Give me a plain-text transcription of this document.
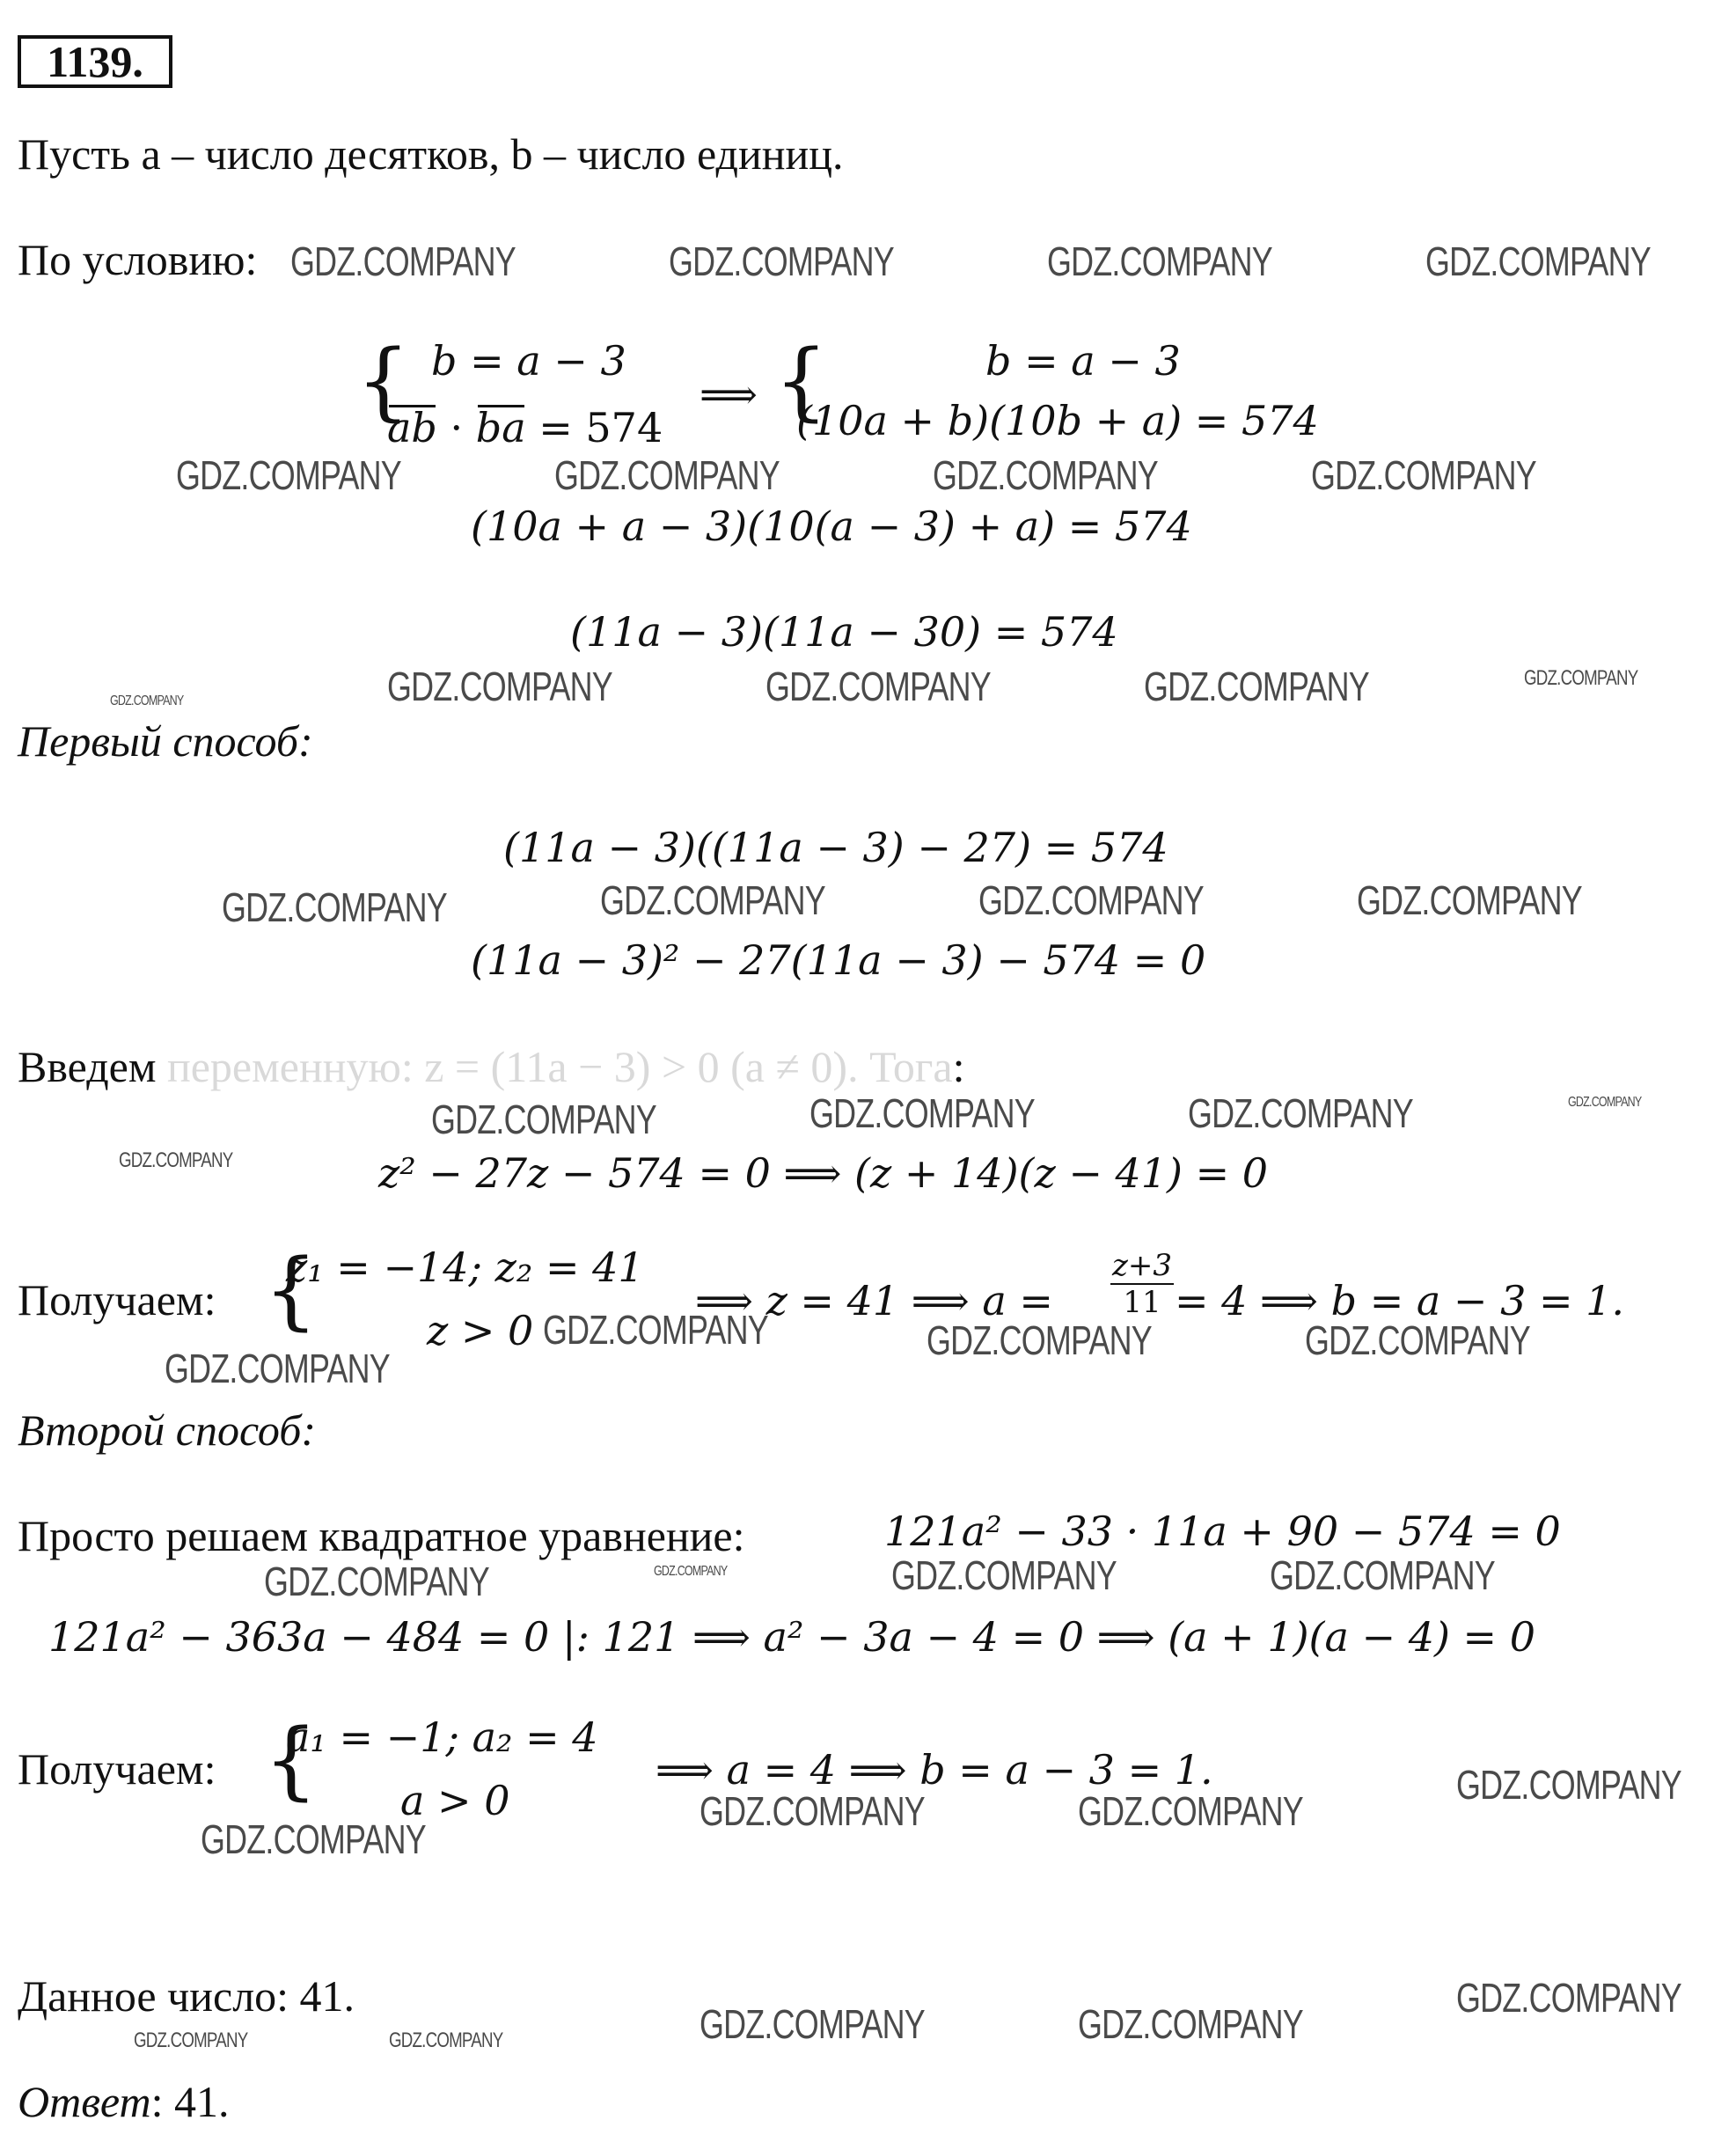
1139.
Пусть a – число десятков, b – число единиц.
По условию:
{ b = a − 3
ab · ba = 574
⟹ {	b = a − 3
(10a + b)(10b + a) = 574
(10a + a − 3)(10(a − 3) + a) = 574
(11a − 3)(11a − 30) = 574
Первый способ:
(11a − 3)((11a − 3) − 27) = 574
(11a − 3)² − 27(11a − 3) − 574 = 0
Введем переменную: z = (11a − 3) > 0 (a ≠ 0). Тога:
z² − 27z − 574 = 0 ⟹ (z + 14)(z − 41) = 0
Получаем: {
z₁ = −14; z₂ = 41
z > 0
⟹ z = 41 ⟹ $a = \frac{z+3}{11} = 4$ ⟹ b = a − 3 = 1.
Второй способ:
Просто решаем квадратное уравнение:	121a² − 33 · 11a + 90 − 574 = 0
121a² − 363a − 484 = 0 |: 121 ⟹ a² − 3a − 4 = 0 ⟹ (a + 1)(a − 4) = 0
Получаем: {
a₁ = −1; a₂ = 4
a > 0
⟹ a = 4 ⟹ b = a − 3 = 1.
Данное число: 41.
Ответ: 41.
GDZ.COMPANY	GDZ.COMPANY	GDZ.COMPANY	GDZ.COMPANY
GDZ.COMPANY	GDZ.COMPANY	GDZ.COMPANY	GDZ.COMPANY
GDZ.COMPANY	GDZ.COMPANY	GDZ.COMPANY	GDZ.COMPANY	GDZ.COMPANY
GDZ.COMPANY	GDZ.COMPANY	GDZ.COMPANY	GDZ.COMPANY
GDZ.COMPANY	GDZ.COMPANY	GDZ.COMPANY
GDZ.COMPANY
GDZ.COMPANY
GDZ.COMPANY	GDZ.COMPANY	GDZ.COMPANY
GDZ.COMPANY
GDZ.COMPANY	GDZ.COMPANY	GDZ.COMPANY	GDZ.COMPANY
GDZ.COMPANY
GDZ.COMPANY	GDZ.COMPANY
GDZ.COMPANY
GDZ.COMPANY
GDZ.COMPANY	GDZ.COMPANY
GDZ.COMPANY	GDZ.COMPANY
